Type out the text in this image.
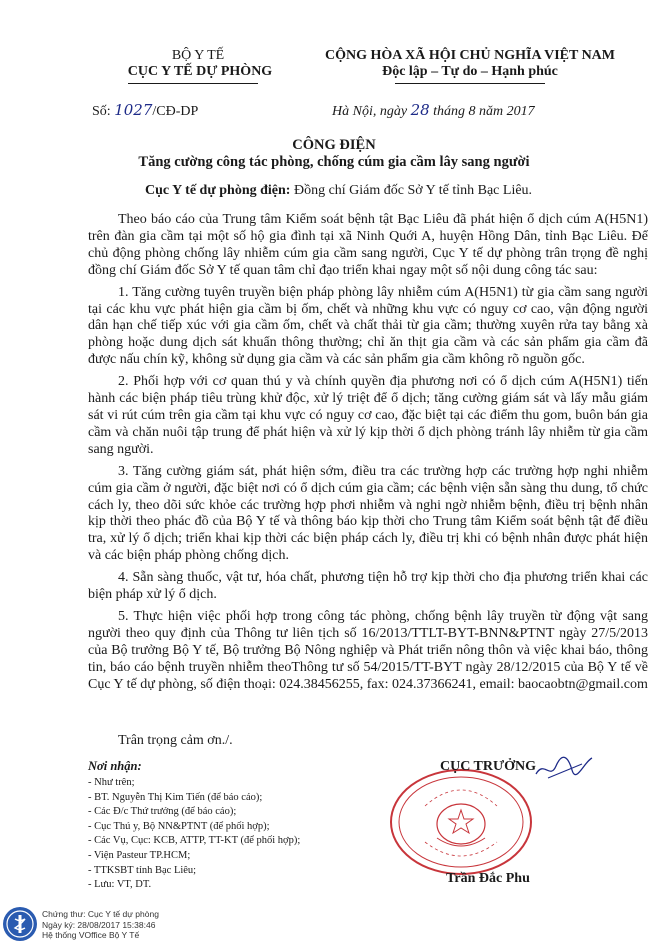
BỘ Y TẾ
CỤC Y TẾ DỰ PHÒNG
CỘNG HÒA XÃ HỘI CHỦ NGHĨA VIỆT NAM
Độc lập – Tự do – Hạnh phúc
Số: 1027/CĐ-DP	Hà Nội, ngày 28 tháng 8 năm 2017
CÔNG ĐIỆN
Tăng cường công tác phòng, chống cúm gia cầm lây sang người
Cục Y tế dự phòng điện: Đồng chí Giám đốc Sở Y tế tỉnh Bạc Liêu.

Theo báo cáo của Trung tâm Kiểm soát bệnh tật Bạc Liêu đã phát hiện ổ dịch cúm A(H5N1) trên đàn gia cầm tại một số hộ gia đình tại xã Ninh Quới A, huyện Hồng Dân, tỉnh Bạc Liêu. Để chủ động phòng chống lây nhiễm cúm gia cầm sang người, Cục Y tế dự phòng trân trọng đề nghị đồng chí Giám đốc Sở Y tế quan tâm chỉ đạo triển khai ngay một số nội dung công tác sau:

1. Tăng cường tuyên truyền biện pháp phòng lây nhiễm cúm A(H5N1) từ gia cầm sang người tại các khu vực phát hiện gia cầm bị ốm, chết và những khu vực có nguy cơ cao, vận động người dân hạn chế tiếp xúc với gia cầm ốm, chết và chất thải từ gia cầm; thường xuyên rửa tay bằng xà phòng hoặc dung dịch sát khuẩn thông thường; chỉ ăn thịt gia cầm và các sản phẩm gia cầm đã được nấu chín kỹ, không sử dụng gia cầm và các sản phẩm gia cầm không rõ nguồn gốc.

2. Phối hợp với cơ quan thú y và chính quyền địa phương nơi có ổ dịch cúm A(H5N1) tiến hành các biện pháp tiêu trùng khử độc, xử lý triệt để ổ dịch; tăng cường giám sát và lấy mẫu giám sát vi rút cúm trên gia cầm tại khu vực có nguy cơ cao, đặc biệt tại các điểm thu gom, buôn bán gia cầm và chăn nuôi tập trung để phát hiện và xử lý kịp thời ổ dịch phòng tránh lây nhiễm từ gia cầm sang người.

3. Tăng cường giám sát, phát hiện sớm, điều tra các trường hợp các trường hợp nghi nhiễm cúm gia cầm ở người, đặc biệt nơi có ổ dịch cúm gia cầm; các bệnh viện sẵn sàng thu dung, tổ chức cách ly, theo dõi sức khỏe các trường hợp phơi nhiễm và nghi ngờ nhiễm bệnh, điều trị bệnh nhân kịp thời theo phác đồ của Bộ Y tế và thông báo kịp thời cho Trung tâm Kiểm soát bệnh tật để điều tra, xử lý ổ dịch; triển khai kịp thời các biện pháp cách ly, điều trị khi có bệnh nhân được phát hiện và các biện pháp phòng chống dịch.

4. Sẵn sàng thuốc, vật tư, hóa chất, phương tiện hỗ trợ kịp thời cho địa phương triển khai các biện pháp xử lý ổ dịch.

5. Thực hiện việc phối hợp trong công tác phòng, chống bệnh lây truyền từ động vật sang người theo quy định của Thông tư liên tịch số 16/2013/TTLT-BYT-BNN&PTNT ngày 27/5/2013 của Bộ trưởng Bộ Y tế, Bộ trưởng Bộ Nông nghiệp và Phát triển nông thôn và việc khai báo, thông tin, báo cáo bệnh truyền nhiễm theoThông tư số 54/2015/TT-BYT ngày 28/12/2015 của Bộ Y tế về Cục Y tế dự phòng, số điện thoại: 024.38456255, fax: 024.37366241, email: baocaobtn@gmail.com

Trân trọng cảm ơn./.
Nơi nhận:
- Như trên;
- BT. Nguyễn Thị Kim Tiến (để báo cáo);
- Các Đ/c Thứ trưởng (để báo cáo);
- Cục Thú y, Bộ NN&PTNT (để phối hợp);
- Các Vụ, Cục: KCB, ATTP, TT-KT (để phối hợp);
- Viện Pasteur TP.HCM;
- TTKSBT tỉnh Bạc Liêu;
- Lưu: VT, DT.
CỤC TRƯỞNG
Trần Đắc Phu
Chứng thư: Cục Y tế dự phòng
Ngày ký: 28/08/2017 15:38:46
Hệ thống VOffice Bộ Y Tế
